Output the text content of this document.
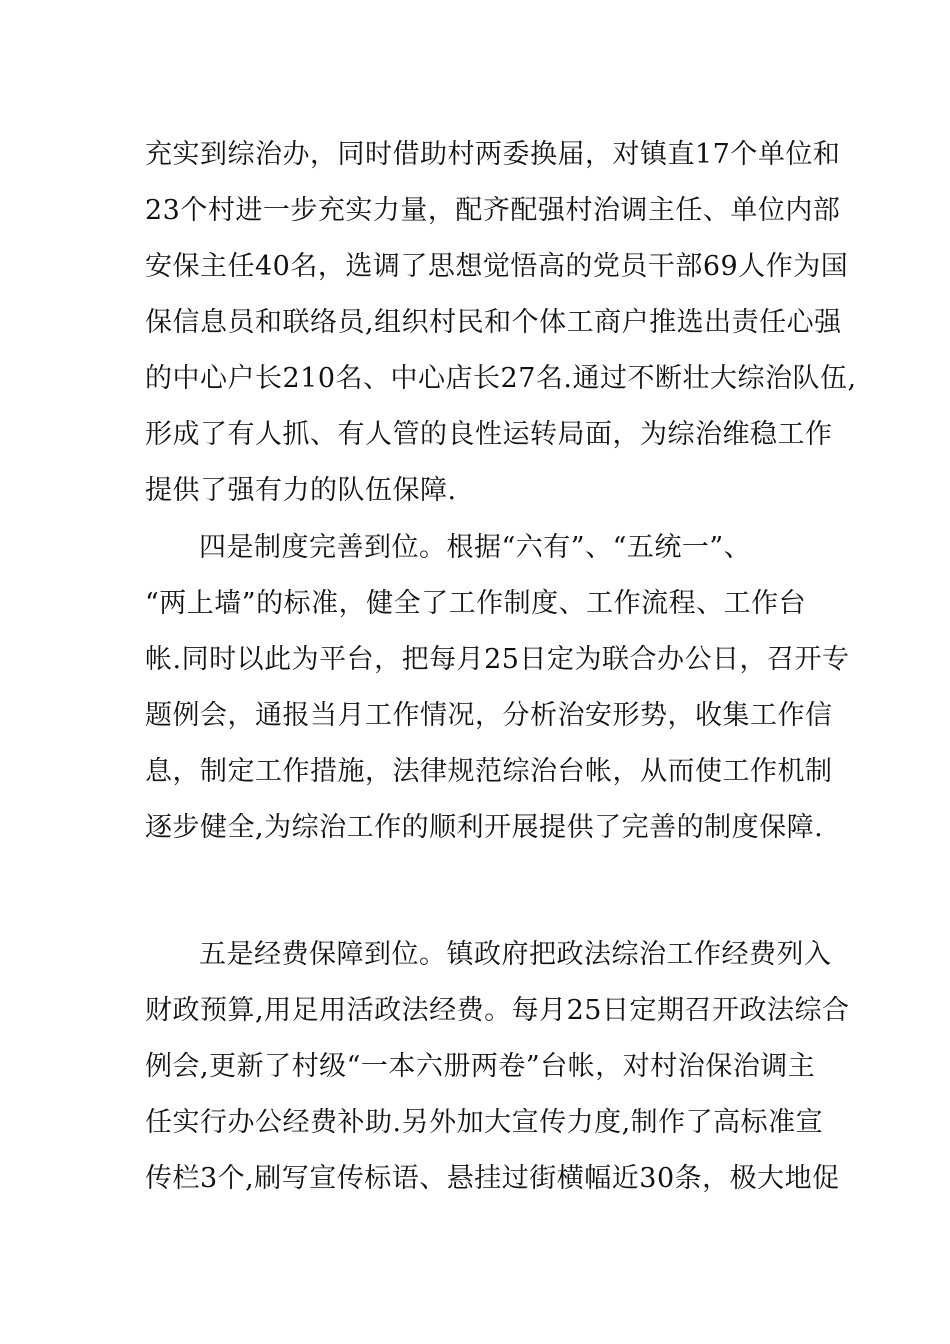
充实到综治办，同时借助村两委换届，对镇直17个单位和
23个村进一步充实力量，配齐配强村治调主任、单位内部
安保主任40名，选调了思想觉悟高的党员干部69人作为国
保信息员和联络员,组织村民和个体工商户推选出责任心强
的中心户长210名、中心店长27名.通过不断壮大综治队伍,
形成了有人抓、有人管的良性运转局面，为综治维稳工作
提供了强有力的队伍保障.
四是制度完善到位。根据“六有”、“五统一”、
“两上墙”的标准，健全了工作制度、工作流程、工作台
帐.同时以此为平台，把每月25日定为联合办公日，召开专
题例会，通报当月工作情况，分析治安形势，收集工作信
息，制定工作措施，法律规范综治台帐，从而使工作机制
逐步健全,为综治工作的顺利开展提供了完善的制度保障.
五是经费保障到位。镇政府把政法综治工作经费列入
财政预算,用足用活政法经费。每月25日定期召开政法综合
例会,更新了村级“一本六册两卷”台帐，对村治保治调主
任实行办公经费补助.另外加大宣传力度,制作了高标准宣
传栏3个,刷写宣传标语、悬挂过街横幅近30条，极大地促
